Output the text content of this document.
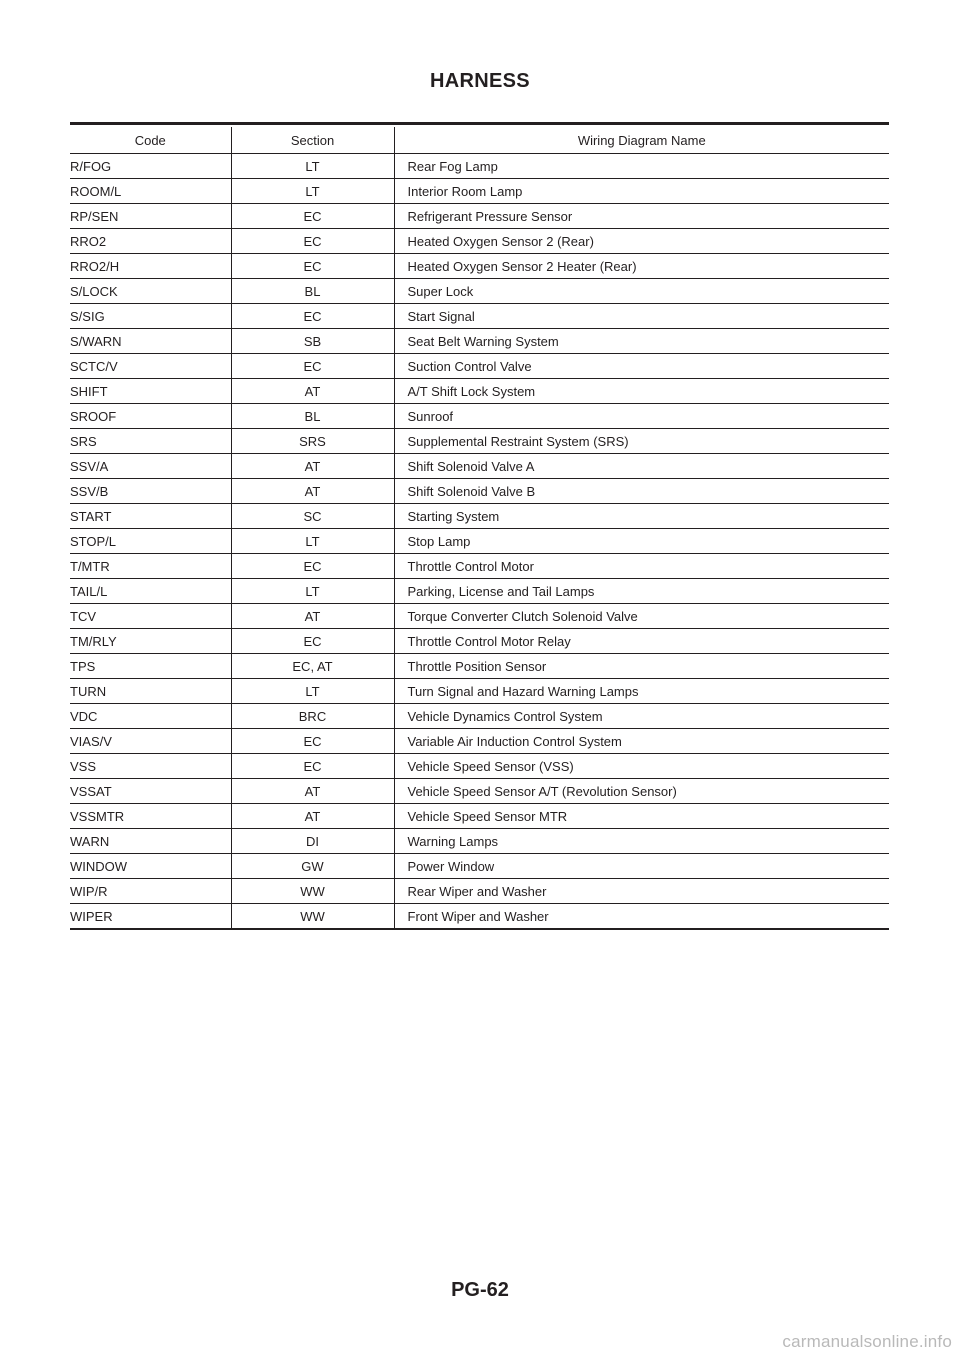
HARNESS
Code	Section	Wiring Diagram Name
R/FOG	LT	Rear Fog Lamp
ROOM/L	LT	Interior Room Lamp
RP/SEN	EC	Refrigerant Pressure Sensor
RRO2	EC	Heated Oxygen Sensor 2 (Rear)
RRO2/H	EC	Heated Oxygen Sensor 2 Heater (Rear)
S/LOCK	BL	Super Lock
S/SIG	EC	Start Signal
S/WARN	SB	Seat Belt Warning System
SCTC/V	EC	Suction Control Valve
SHIFT	AT	A/T Shift Lock System
SROOF	BL	Sunroof
SRS	SRS	Supplemental Restraint System (SRS)
SSV/A	AT	Shift Solenoid Valve A
SSV/B	AT	Shift Solenoid Valve B
START	SC	Starting System
STOP/L	LT	Stop Lamp
T/MTR	EC	Throttle Control Motor
TAIL/L	LT	Parking, License and Tail Lamps
TCV	AT	Torque Converter Clutch Solenoid Valve
TM/RLY	EC	Throttle Control Motor Relay
TPS	EC, AT	Throttle Position Sensor
TURN	LT	Turn Signal and Hazard Warning Lamps
VDC	BRC	Vehicle Dynamics Control System
VIAS/V	EC	Variable Air Induction Control System
VSS	EC	Vehicle Speed Sensor (VSS)
VSSAT	AT	Vehicle Speed Sensor A/T (Revolution Sensor)
VSSMTR	AT	Vehicle Speed Sensor MTR
WARN	DI	Warning Lamps
WINDOW	GW	Power Window
WIP/R	WW	Rear Wiper and Washer
WIPER	WW	Front Wiper and Washer
PG-62
carmanualsonline.info
